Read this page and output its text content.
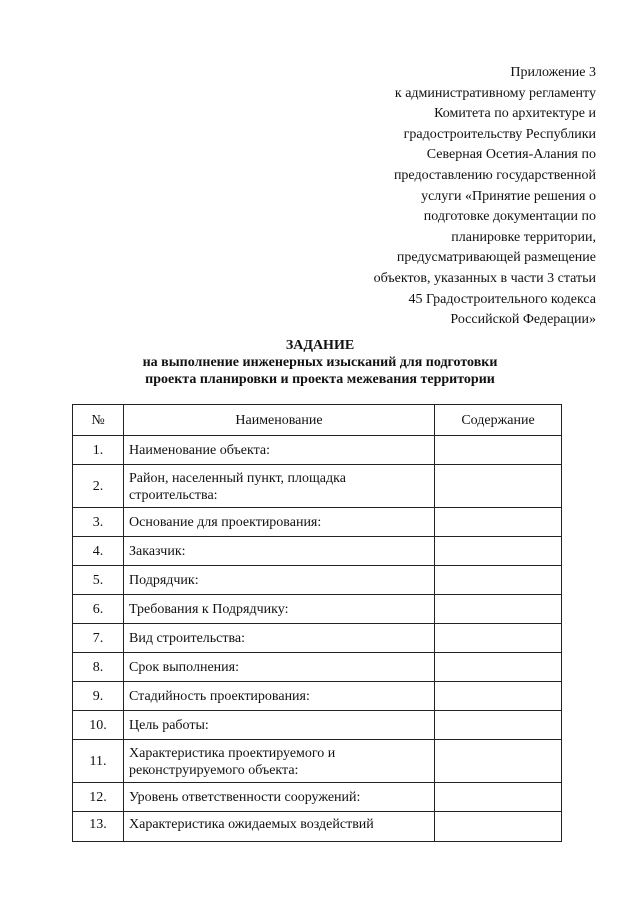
Приложение 3
к административному регламенту
Комитета по архитектуре и
градостроительству Республики
Северная Осетия-Алания по
предоставлению государственной
услуги «Принятие решения о
подготовке документации по
планировке территории,
предусматривающей размещение
объектов, указанных в части 3 статьи
45 Градостроительного кодекса
Российской Федерации»
ЗАДАНИЕ
на выполнение инженерных изысканий для подготовки
проекта планировки и проекта межевания территории
№	Наименование	Содержание
1.	Наименование объекта:	
2.	Район, населенный пункт, площадка строительства:	
3.	Основание для проектирования:	
4.	Заказчик:	
5.	Подрядчик:	
6.	Требования к Подрядчику:	
7.	Вид строительства:	
8.	Срок выполнения:	
9.	Стадийность проектирования:	
10.	Цель работы:	
11.	Характеристика проектируемого и реконструируемого объекта:	
12.	Уровень ответственности сооружений:	
13.	Характеристика ожидаемых воздействий	
